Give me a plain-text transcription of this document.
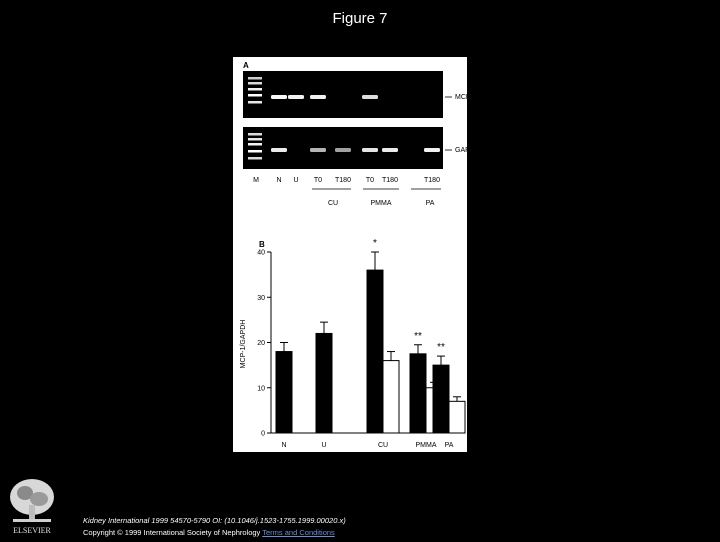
Figure 7
A
MCP-1
GAPDH
M	N U T0 T180 T0 T180	T180
CU	PMMA	PA
B
MCP-1/GAPDH
0
10
20
30
40
N	U	CU	PMMA PA
*
**
**
ELSEVIER
Kidney International 1999 54570-5790 OI: (10.1046/j.1523-1755.1999.00020.x)
Copyright © 1999 International Society of Nephrology Terms and Conditions
